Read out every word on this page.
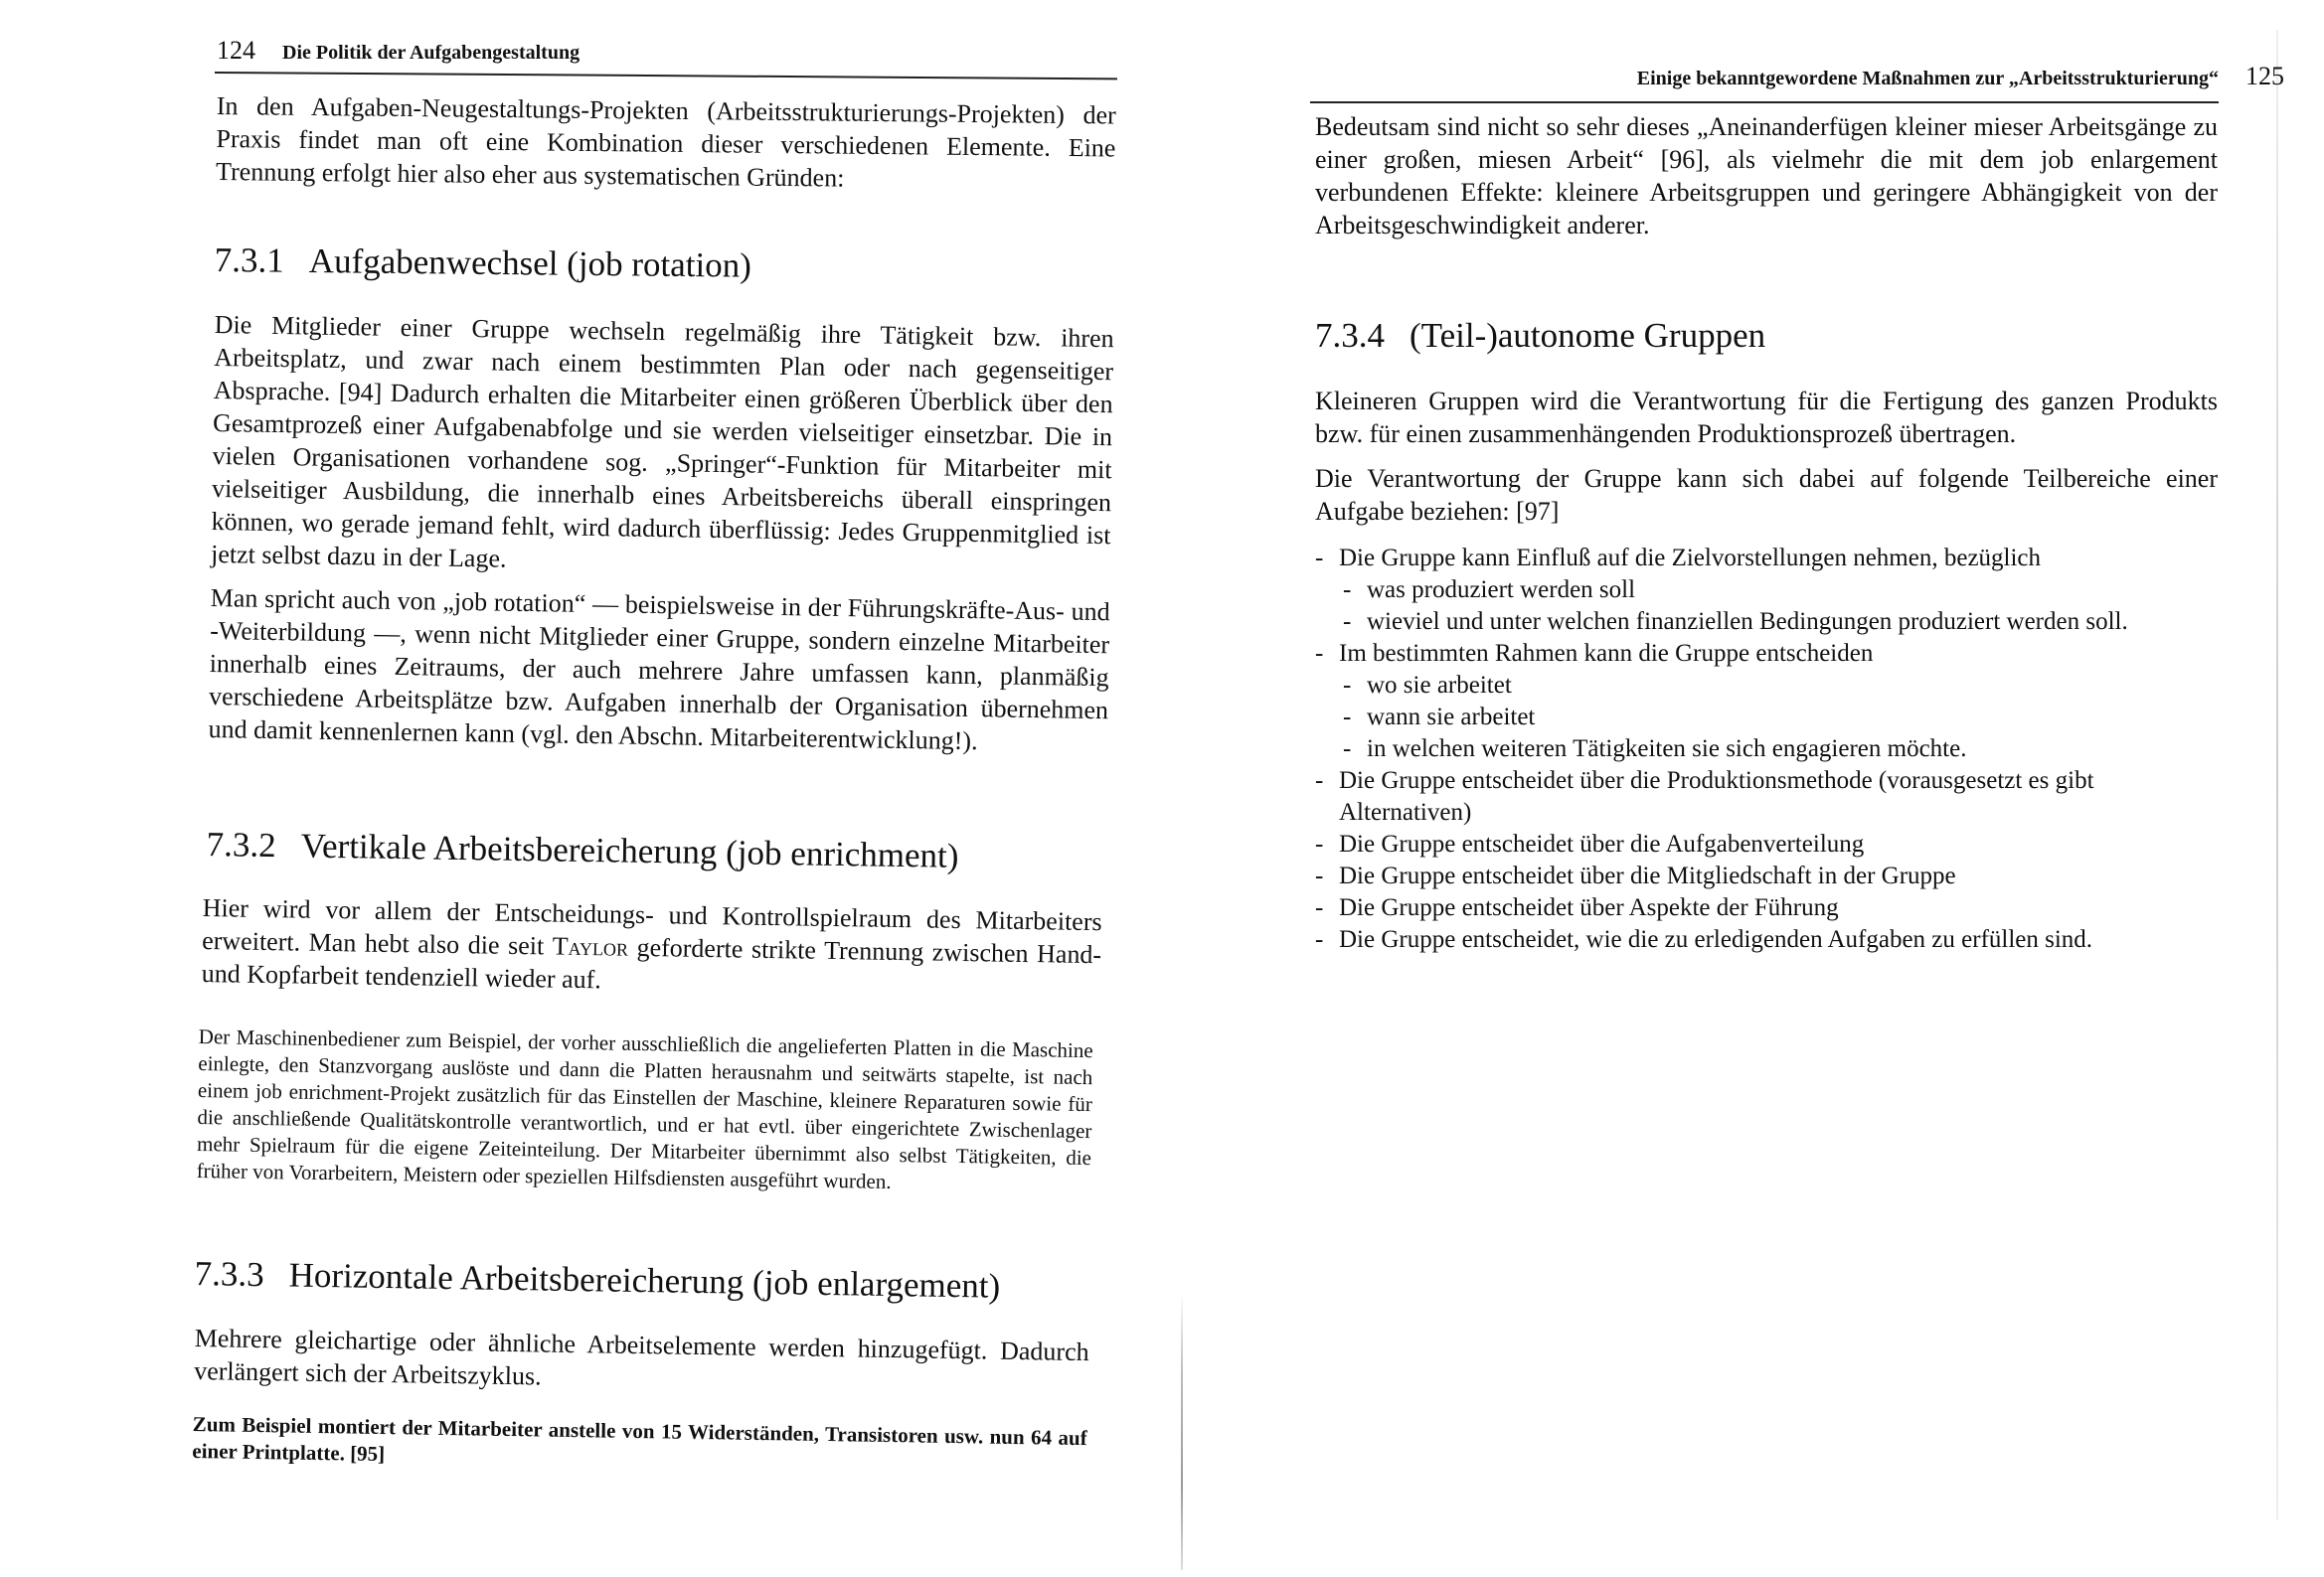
124 Die Politik der Aufgabengestaltung

In den Aufgaben-Neugestaltungs-Projekten (Arbeitsstrukturierungs-Projekten) der Praxis findet man oft eine Kombination dieser verschiedenen Elemente. Eine Trennung erfolgt hier also eher aus systematischen Gründen:

7.3.1 Aufgabenwechsel (job rotation)

Die Mitglieder einer Gruppe wechseln regelmäßig ihre Tätigkeit bzw. ihren Arbeitsplatz, und zwar nach einem bestimmten Plan oder nach gegenseitiger Absprache. [94] Dadurch erhalten die Mitarbeiter einen größeren Überblick über den Gesamtprozeß einer Aufgabenabfolge und sie werden vielseitiger einsetzbar. Die in vielen Organisationen vorhandene sog. „Springer“-Funktion für Mitarbeiter mit vielseitiger Ausbildung, die innerhalb eines Arbeitsbereichs überall einspringen können, wo gerade jemand fehlt, wird dadurch überflüssig: Jedes Gruppenmitglied ist jetzt selbst dazu in der Lage.

Man spricht auch von „job rotation“ — beispielsweise in der Führungskräfte-Aus- und -Weiterbildung —, wenn nicht Mitglieder einer Gruppe, sondern einzelne Mitarbeiter innerhalb eines Zeitraums, der auch mehrere Jahre umfassen kann, planmäßig verschiedene Arbeitsplätze bzw. Aufgaben innerhalb der Organisation übernehmen und damit kennenlernen kann (vgl. den Abschn. Mitarbeiterentwicklung!).

7.3.2 Vertikale Arbeitsbereicherung (job enrichment)

Hier wird vor allem der Entscheidungs- und Kontrollspielraum des Mitarbeiters erweitert. Man hebt also die seit Taylor geforderte strikte Trennung zwischen Hand- und Kopfarbeit tendenziell wieder auf.

Der Maschinenbediener zum Beispiel, der vorher ausschließlich die angelieferten Platten in die Maschine einlegte, den Stanzvorgang auslöste und dann die Platten herausnahm und seitwärts stapelte, ist nach einem job enrichment-Projekt zusätzlich für das Einstellen der Maschine, kleinere Reparaturen sowie für die anschließende Qualitätskontrolle verantwortlich, und er hat evtl. über eingerichtete Zwischenlager mehr Spielraum für die eigene Zeiteinteilung. Der Mitarbeiter übernimmt also selbst Tätigkeiten, die früher von Vorarbeitern, Meistern oder speziellen Hilfsdiensten ausgeführt wurden.

7.3.3 Horizontale Arbeitsbereicherung (job enlargement)

Mehrere gleichartige oder ähnliche Arbeitselemente werden hinzugefügt. Dadurch verlängert sich der Arbeitszyklus.

Zum Beispiel montiert der Mitarbeiter anstelle von 15 Widerständen, Transistoren usw. nun 64 auf einer Printplatte. [95]

Einige bekanntgewordene Maßnahmen zur „Arbeitsstrukturierung“ 125

Bedeutsam sind nicht so sehr dieses „Aneinanderfügen kleiner mieser Arbeitsgänge zu einer großen, miesen Arbeit“ [96], als vielmehr die mit dem job enlargement verbundenen Effekte: kleinere Arbeitsgruppen und geringere Abhängigkeit von der Arbeitsgeschwindigkeit anderer.

7.3.4 (Teil-)autonome Gruppen

Kleineren Gruppen wird die Verantwortung für die Fertigung des ganzen Produkts bzw. für einen zusammenhängenden Produktionsprozeß übertragen.

Die Verantwortung der Gruppe kann sich dabei auf folgende Teilbereiche einer Aufgabe beziehen: [97]

- Die Gruppe kann Einfluß auf die Zielvorstellungen nehmen, bezüglich
- was produziert werden soll
- wieviel und unter welchen finanziellen Bedingungen produziert werden soll.
- Im bestimmten Rahmen kann die Gruppe entscheiden
- wo sie arbeitet
- wann sie arbeitet
- in welchen weiteren Tätigkeiten sie sich engagieren möchte.
- Die Gruppe entscheidet über die Produktionsmethode (vorausgesetzt es gibt Alternativen)
- Die Gruppe entscheidet über die Aufgabenverteilung
- Die Gruppe entscheidet über die Mitgliedschaft in der Gruppe
- Die Gruppe entscheidet über Aspekte der Führung
- Die Gruppe entscheidet, wie die zu erledigenden Aufgaben zu erfüllen sind.
